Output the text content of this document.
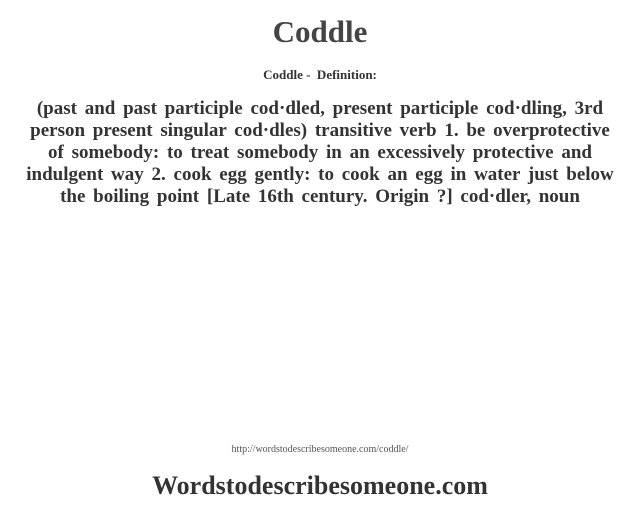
Coddle
Coddle -  Definition:
(past and past participle cod·dled, present participle cod·dling, 3rd person present singular cod·dles) transitive verb 1. be overprotective of somebody: to treat somebody in an excessively protective and indulgent way 2. cook egg gently: to cook an egg in water just below the boiling point [Late 16th century. Origin ?] cod·dler, noun
http://wordstodescribesomeone.com/coddle/
Wordstodescribesomeone.com
